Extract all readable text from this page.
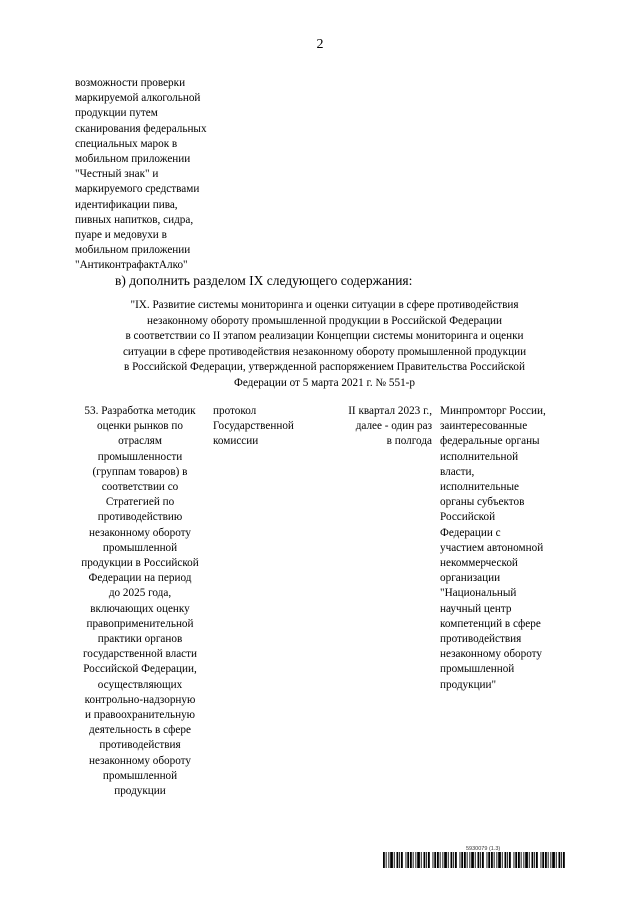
2
возможности проверки
маркируемой алкогольной
продукции путем
сканирования федеральных
специальных марок в
мобильном приложении
"Честный знак" и
маркируемого средствами
идентификации пива,
пивных напитков, сидра,
пуаре и медовухи в
мобильном приложении
"АнтиконтрафактАлко"
в) дополнить разделом IX следующего содержания:
"IX. Развитие системы мониторинга и оценки ситуации в сфере противодействия
незаконному обороту промышленной продукции в Российской Федерации
в соответствии со II этапом реализации Концепции системы мониторинга и оценки
ситуации в сфере противодействия незаконному обороту промышленной продукции
в Российской Федерации, утвержденной распоряжением Правительства Российской
Федерации от 5 марта 2021 г. № 551-р
53. Разработка методик
оценки рынков по
отраслям
промышленности
(группам товаров) в
соответствии со
Стратегией по
противодействию
незаконному обороту
промышленной
продукции в Российской
Федерации на период
до 2025 года,
включающих оценку
правоприменительной
практики органов
государственной власти
Российской Федерации,
осуществляющих
контрольно-надзорную
и правоохранительную
деятельность в сфере
противодействия
незаконному обороту
промышленной
продукции
протокол
Государственной
комиссии
II квартал 2023 г.,
далее - один раз
в полгода
Минпромторг России,
заинтересованные
федеральные органы
исполнительной
власти,
исполнительные
органы субъектов
Российской
Федерации с
участием автономной
некоммерческой
организации
"Национальный
научный центр
компетенций в сфере
противодействия
незаконному обороту
промышленной
продукции"
5930079 (1.3)
